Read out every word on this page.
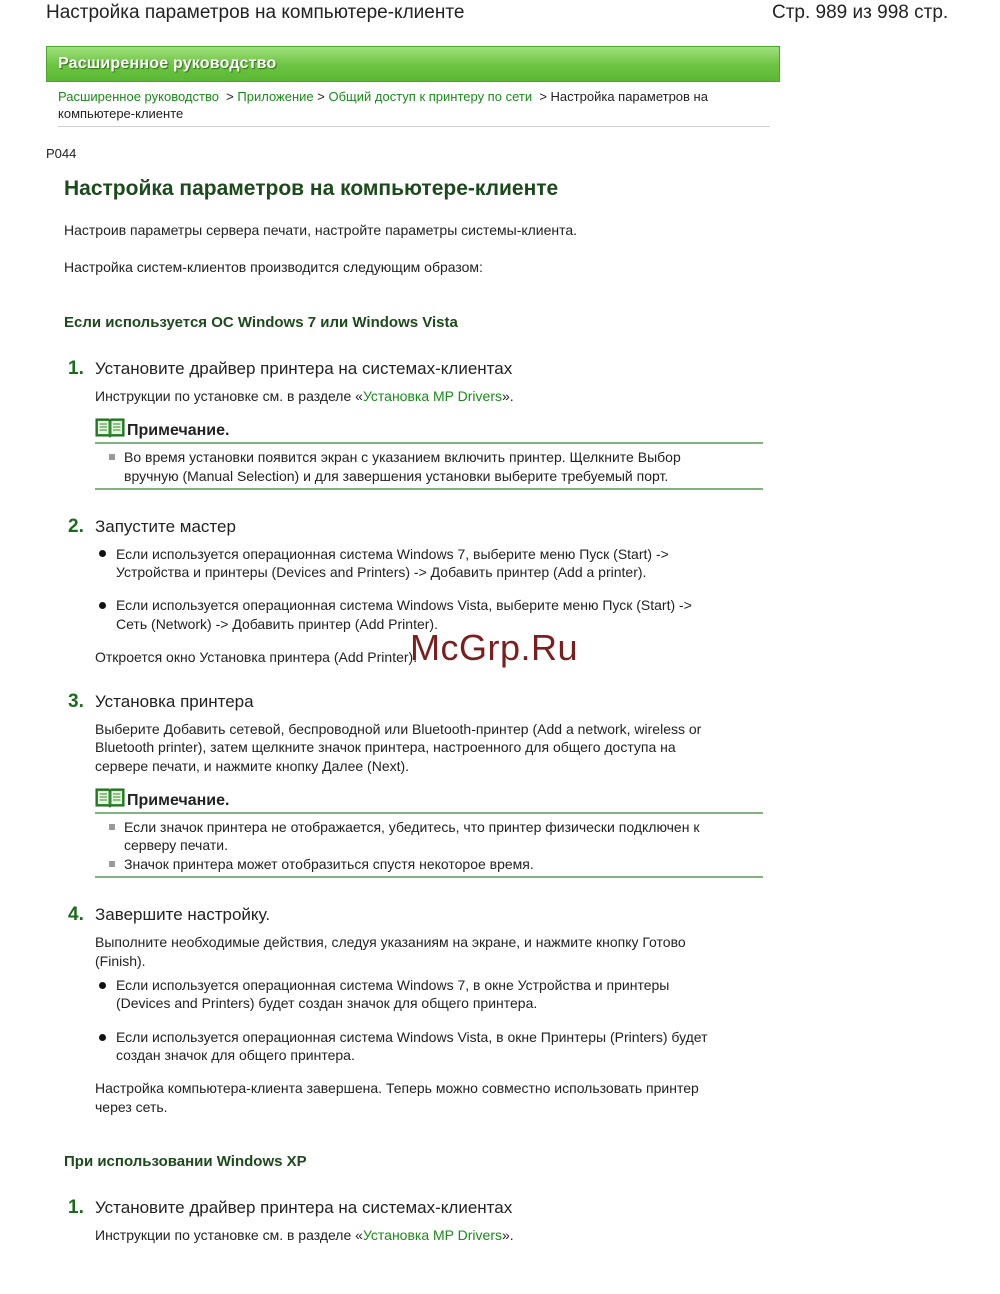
Настройка параметров на компьютере-клиенте	Стр. 989 из 998 стр.
Расширенное руководство
Расширенное руководство > Приложение > Общий доступ к принтеру по сети > Настройка параметров на
компьютере-клиенте
P044
Настройка параметров на компьютере-клиенте
Настроив параметры сервера печати, настройте параметры системы-клиента.
Настройка систем-клиентов производится следующим образом:
Если используется ОС Windows 7 или Windows Vista
1. Установите драйвер принтера на системах-клиентах
Инструкции по установке см. в разделе «Установка MP Drivers».
Примечание.
Во время установки появится экран с указанием включить принтер. Щелкните Выбор
вручную (Manual Selection) и для завершения установки выберите требуемый порт.
2. Запустите мастер
Если используется операционная система Windows 7, выберите меню Пуск (Start) ->
Устройства и принтеры (Devices and Printers) -> Добавить принтер (Add a printer).
Если используется операционная система Windows Vista, выберите меню Пуск (Start) ->
Сеть (Network) -> Добавить принтер (Add Printer).
Откроется окно Установка принтера (Add Printer).
3. Установка принтера
Выберите Добавить сетевой, беспроводной или Bluetooth-принтер (Add a network, wireless or
Bluetooth printer), затем щелкните значок принтера, настроенного для общего доступа на
сервере печати, и нажмите кнопку Далее (Next).
Примечание.
Если значок принтера не отображается, убедитесь, что принтер физически подключен к
серверу печати.
Значок принтера может отобразиться спустя некоторое время.
4. Завершите настройку.
Выполните необходимые действия, следуя указаниям на экране, и нажмите кнопку Готово
(Finish).
Если используется операционная система Windows 7, в окне Устройства и принтеры
(Devices and Printers) будет создан значок для общего принтера.
Если используется операционная система Windows Vista, в окне Принтеры (Printers) будет
создан значок для общего принтера.
Настройка компьютера-клиента завершена. Теперь можно совместно использовать принтер
через сеть.
При использовании Windows XP
1. Установите драйвер принтера на системах-клиентах
Инструкции по установке см. в разделе «Установка MP Drivers».
McGrp.Ru
